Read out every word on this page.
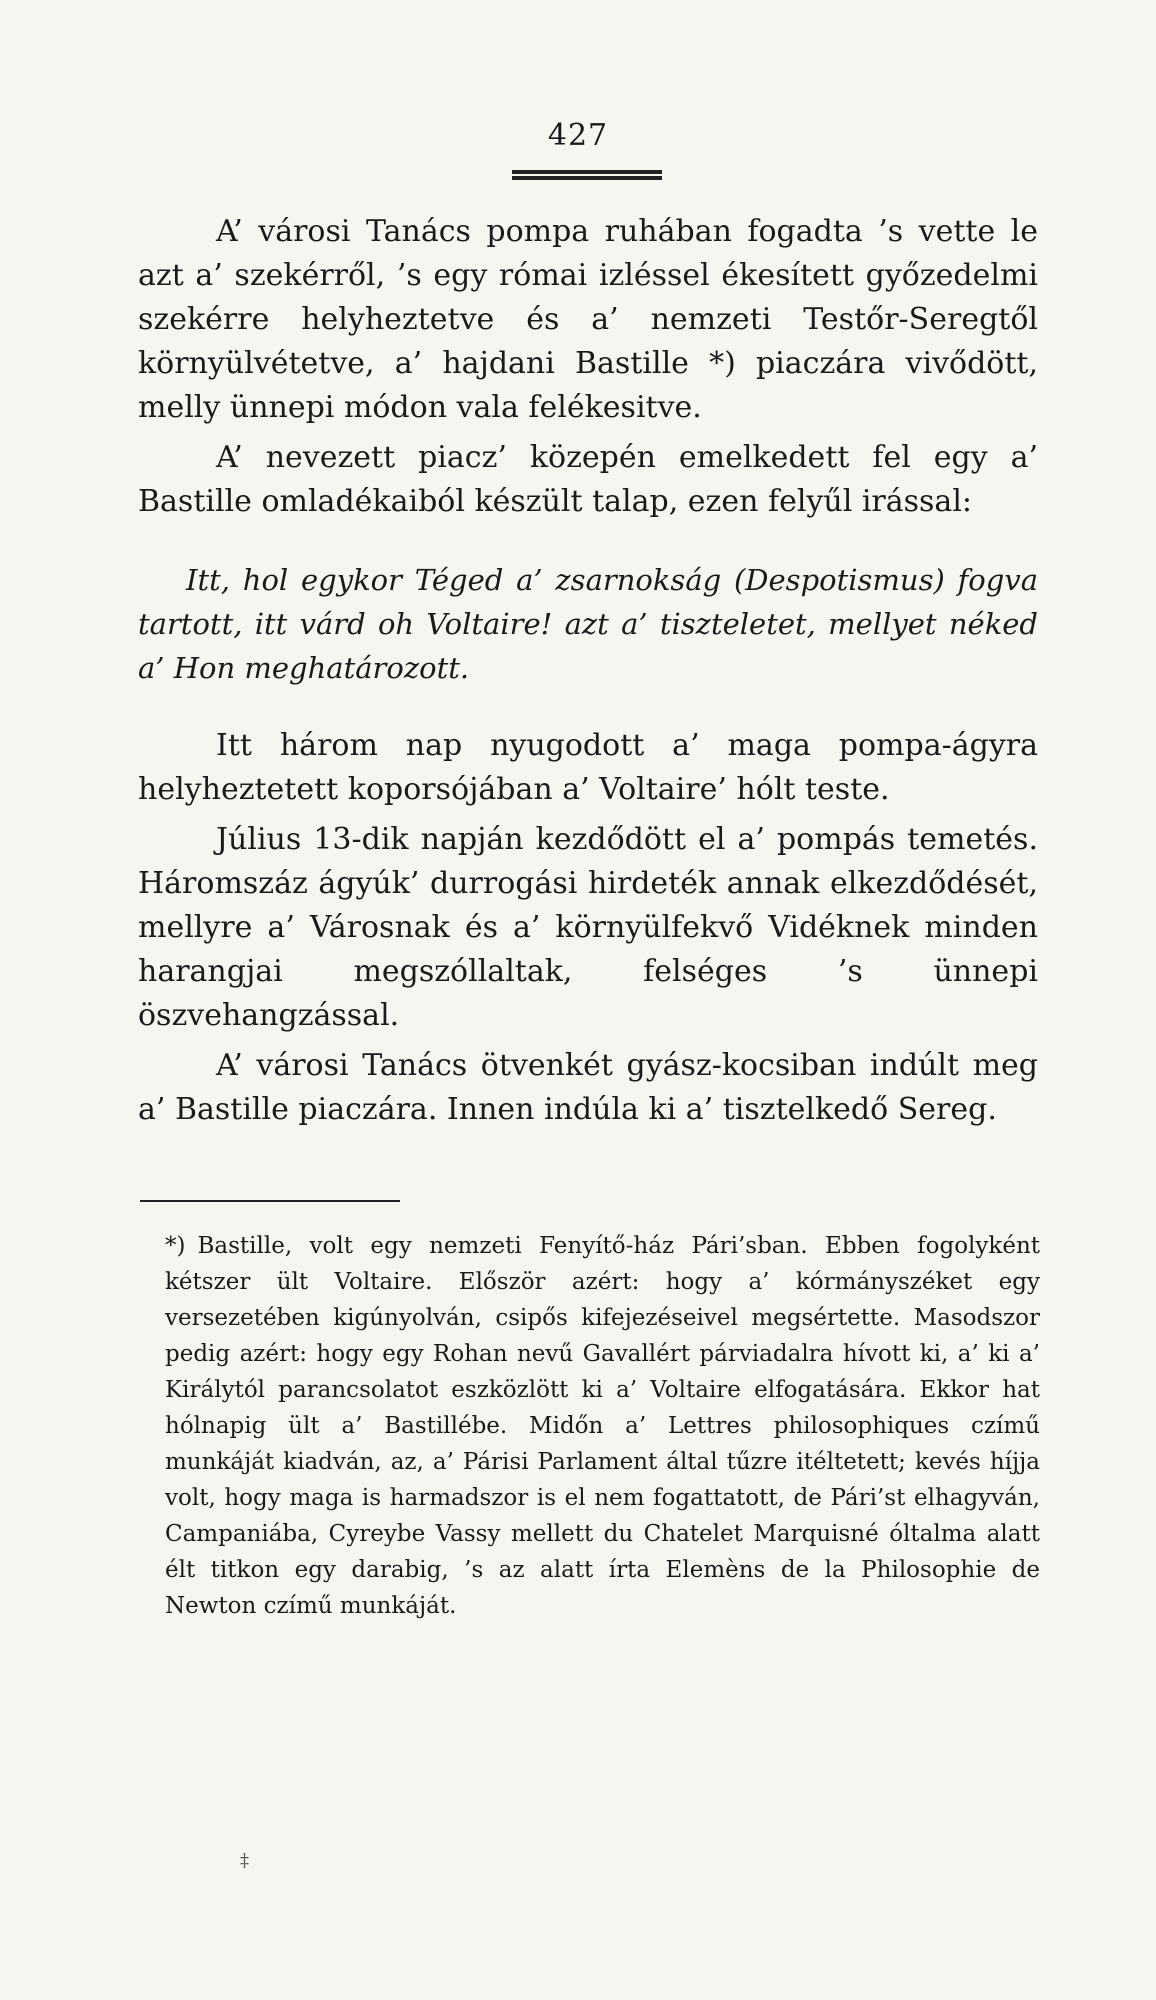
427

A’ városi Tanács pompa ruhában fogadta ’s vette le azt a’ szekérről, ’s egy római izléssel ékesített győzedelmi szekérre helyheztetve és a’ nemzeti Testőr-Seregtől környülvétetve, a’ hajdani Bastille *) piaczára vivődött, melly ünnepi módon vala felékesitve.

A’ nevezett piacz’ közepén emelkedett fel egy a’ Bastille omladékaiból készült talap, ezen felyűl irással:

Itt, hol egykor Téged a’ zsarnokság (Despotismus) fogva tartott, itt várd oh Voltaire! azt a’ tiszteletet, mellyet néked a’ Hon meghatározott.

Itt három nap nyugodott a’ maga pompa-ágyra helyheztetett koporsójában a’ Voltaire’ hólt teste.

Július 13-dik napján kezdődött el a’ pompás temetés. Háromszáz ágyúk’ durrogási hirdeték annak elkezdődését, mellyre a’ Városnak és a’ környülfekvő Vidéknek minden harangjai megszóllaltak, felséges ’s ünnepi öszvehangzással.

A’ városi Tanács ötvenkét gyász-kocsiban indúlt meg a’ Bastille piaczára. Innen indúla ki a’ tisztelkedő Sereg.

*) Bastille, volt egy nemzeti Fenyítő-ház Pári’sban. Ebben fogolyként kétszer ült Voltaire. Először azért: hogy a’ kórmányszéket egy versezetében kigúnyolván, csipős kifejezéseivel megsértette. Masodszor pedig azért: hogy egy Rohan nevű Gavallért párviadalra hívott ki, a’ ki a’ Királytól parancsolatot eszközlött ki a’ Voltaire elfogatására. Ekkor hat hólnapig ült a’ Bastillébe. Midőn a’ Lettres philosophiques czímű munkáját kiadván, az, a’ Párisi Parlament által tűzre itéltetett; kevés híjja volt, hogy maga is harmadszor is el nem fogattatott, de Pári’st elhagyván, Campaniába, Cyreybe Vassy mellett du Chatelet Marquisné óltalma alatt élt titkon egy darabig, ’s az alatt írta Elemèns de la Philosophie de Newton czímű munkáját.
‡
